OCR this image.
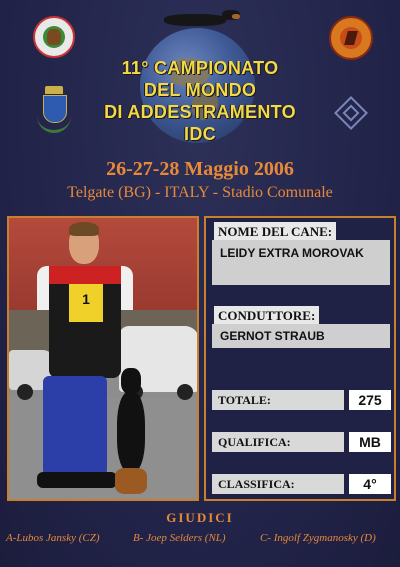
11° CAMPIONATO
DEL MONDO
DI ADDESTRAMENTO
IDC
26-27-28 Maggio 2006
Telgate (BG) - ITALY - Stadio Comunale
1
NOME DEL CANE:
LEIDY EXTRA MOROVAK
CONDUTTORE:
GERNOT STRAUB
TOTALE:	275
QUALIFICA:	MB
CLASSIFICA:	4°
GIUDICI
A-Lubos Jansky (CZ)	B- Joep Selders (NL)	C- Ingolf Zygmanosky (D)
